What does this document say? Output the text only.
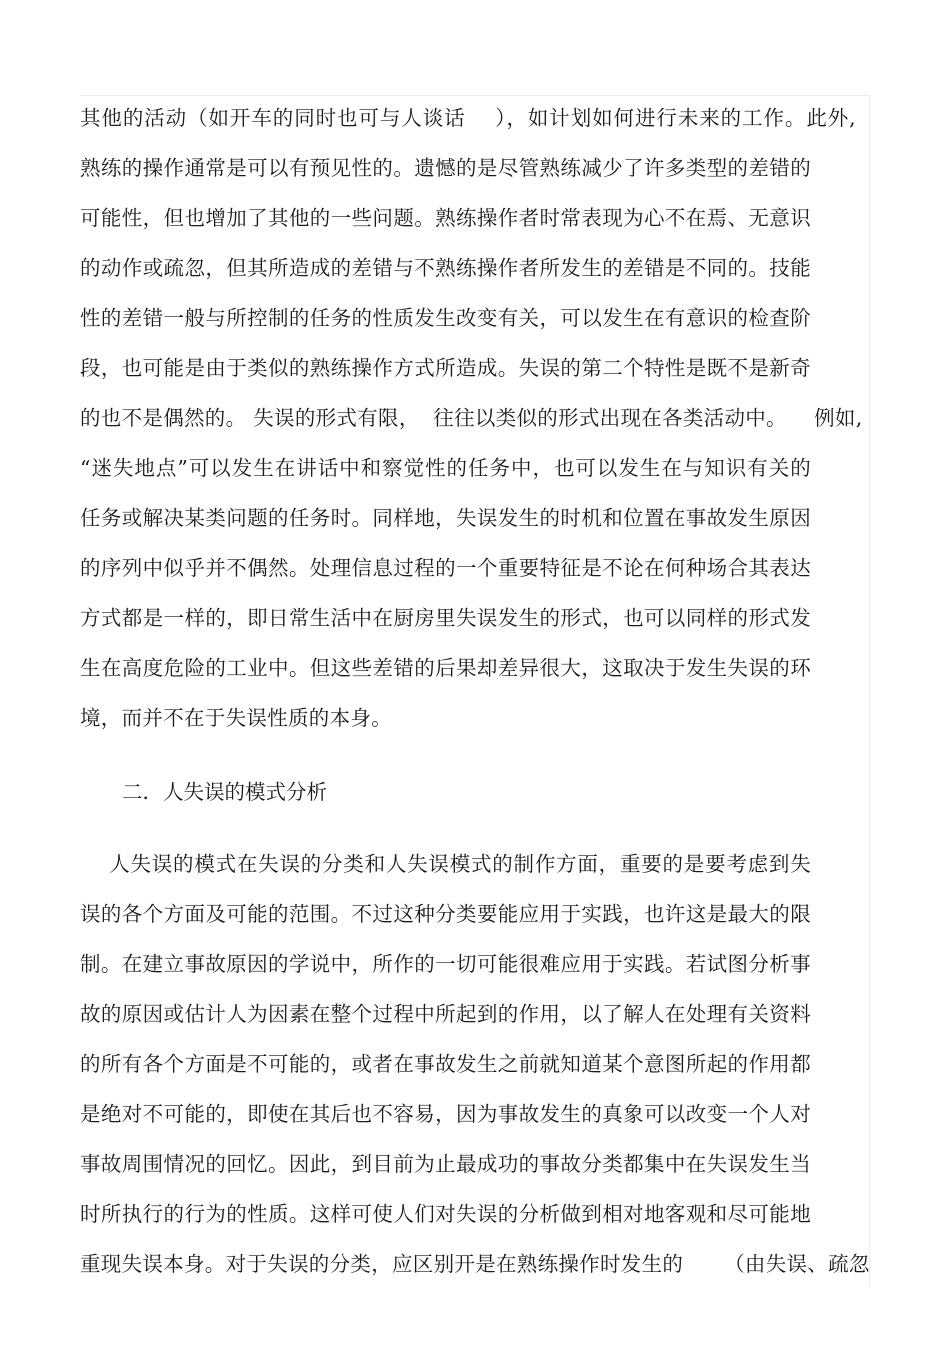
其他的活动（如开车的同时也可与人谈话    ），如计划如何进行未来的工作。此外,
熟练的操作通常是可以有预见性的。遗憾的是尽管熟练减少了许多类型的差错的
可能性，但也增加了其他的一些问题。熟练操作者时常表现为心不在焉、无意识
的动作或疏忽，但其所造成的差错与不熟练操作者所发生的差错是不同的。技能
性的差错一般与所控制的任务的性质发生改变有关，可以发生在有意识的检查阶
段，也可能是由于类似的熟练操作方式所造成。失误的第二个特性是既不是新奇
的也不是偶然的。 失误的形式有限，  往往以类似的形式出现在各类活动中。    例如,
“迷失地点”可以发生在讲话中和察觉性的任务中，也可以发生在与知识有关的
任务或解决某类问题的任务时。同样地，失误发生的时机和位置在事故发生原因
的序列中似乎并不偶然。处理信息过程的一个重要特征是不论在何种场合其表达
方式都是一样的，即日常生活中在厨房里失误发生的形式，也可以同样的形式发
生在高度危险的工业中。但这些差错的后果却差异很大，这取决于发生失误的环
境，而并不在于失误性质的本身。
二．人失误的模式分析
人失误的模式在失误的分类和人失误模式的制作方面，重要的是要考虑到失
误的各个方面及可能的范围。不过这种分类要能应用于实践，也许这是最大的限
制。在建立事故原因的学说中，所作的一切可能很难应用于实践。若试图分析事
故的原因或估计人为因素在整个过程中所起到的作用，以了解人在处理有关资料
的所有各个方面是不可能的，或者在事故发生之前就知道某个意图所起的作用都
是绝对不可能的，即使在其后也不容易，因为事故发生的真象可以改变一个人对
事故周围情况的回忆。因此，到目前为止最成功的事故分类都集中在失误发生当
时所执行的行为的性质。这样可使人们对失误的分析做到相对地客观和尽可能地
重现失误本身。对于失误的分类，应区别开是在熟练操作时发生的      （由失误、疏忽
